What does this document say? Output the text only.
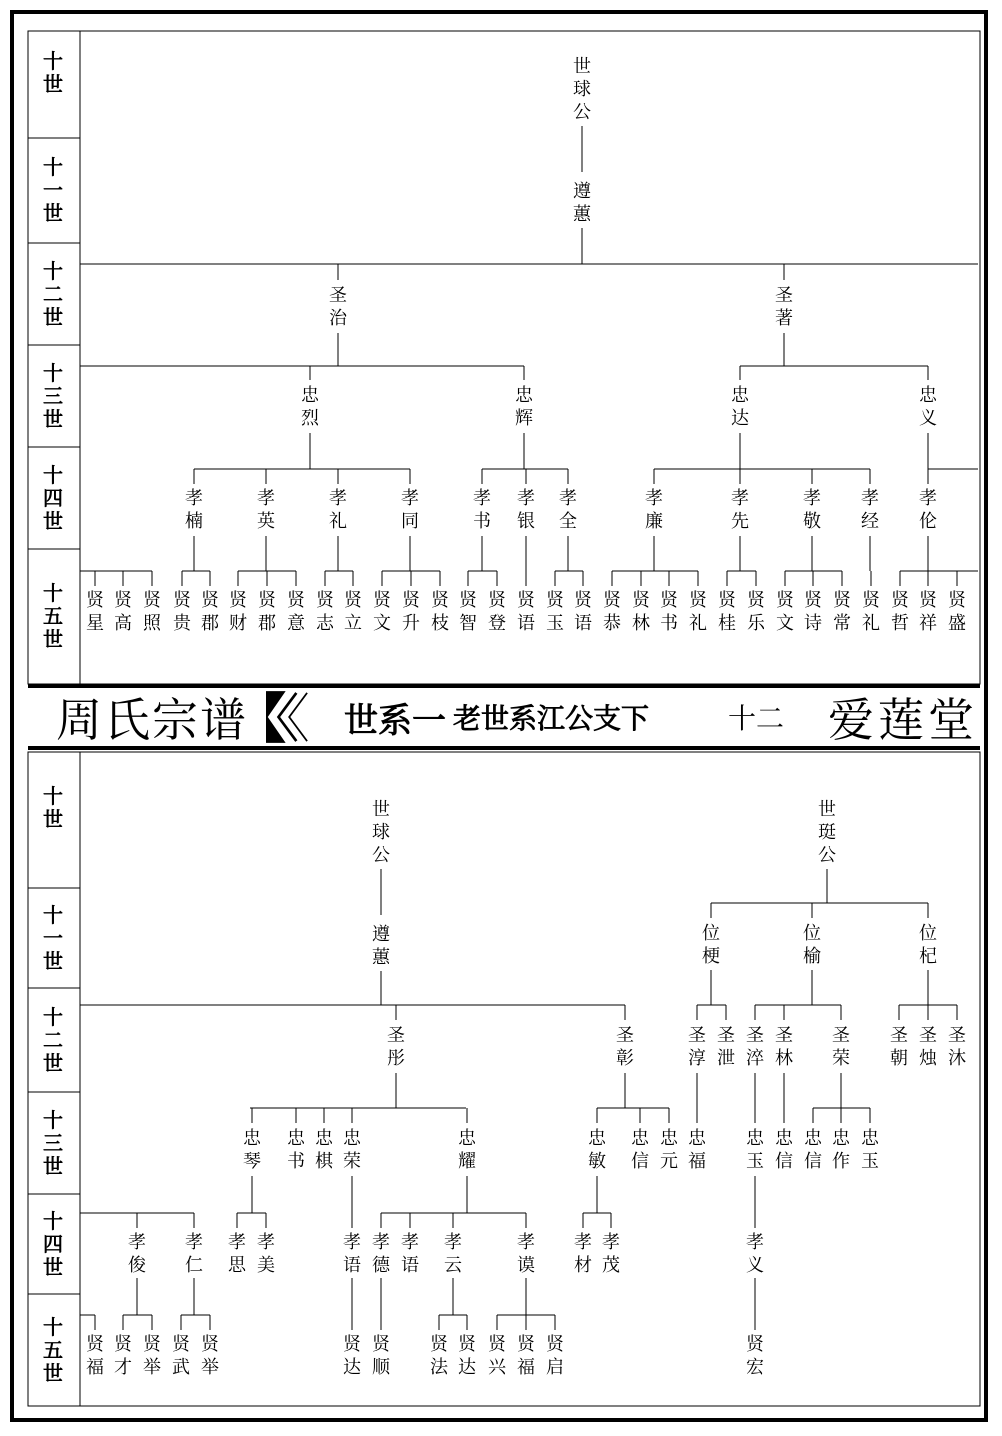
十
世
十
一
世
十
二
世
十
三
世
十
四
世
十
五
世
十
世
十
一
世
十
二
世
十
三
世
十
四
世
十
五
世
世
球
公
遵
蕙
圣
治
圣
著
忠
烈
忠
辉
忠
达
忠
义
孝
楠
孝
英
孝
礼
孝
同
孝
书
孝
银
孝
全
孝
廉
孝
先
孝
敬
孝
经
孝
伦
贤
星
贤
高
贤
照
贤
贵
贤
郡
贤
财
贤
郡
贤
意
贤
志
贤
立
贤
文
贤
升
贤
枝
贤
智
贤
登
贤
语
贤
玉
贤
语
贤
恭
贤
林
贤
书
贤
礼
贤
桂
贤
乐
贤
文
贤
诗
贤
常
贤
礼
贤
哲
贤
祥
贤
盛
世
球
公
世
珽
公
遵
蕙
位
梗
位
榆
位
杞
圣
彤
圣
彰
圣
淳
圣
泄
圣
淬
圣
林
圣
荣
圣
朝
圣
烛
圣
沐
忠
琴
忠
书
忠
棋
忠
荣
忠
耀
忠
敏
忠
信
忠
元
忠
福
忠
玉
忠
信
忠
信
忠
作
忠
玉
孝
俊
孝
仁
孝
思
孝
美
孝
语
孝
德
孝
语
孝
云
孝
谟
孝
材
孝
茂
孝
义
贤
福
贤
才
贤
举
贤
武
贤
举
贤
达
贤
顺
贤
法
贤
达
贤
兴
贤
福
贤
启
贤
宏
周氏宗谱	世系一 老世系江公支下	十二 爱莲堂
